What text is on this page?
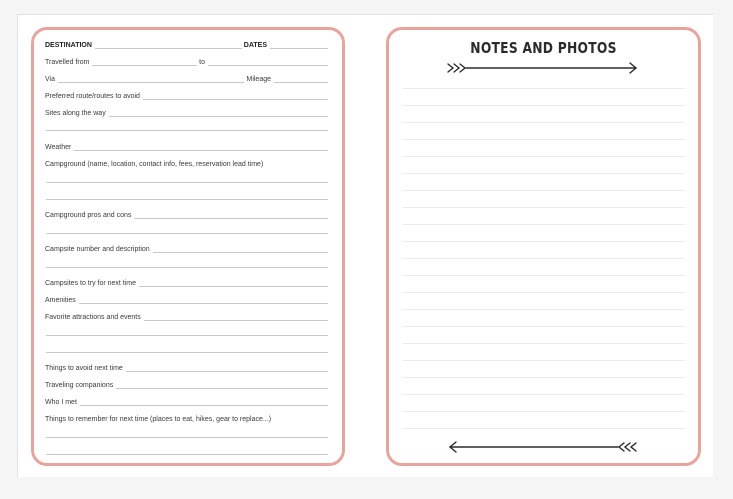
DESTINATION	DATES
Travelled from	to
Via	Mileage
Preferred route/routes to avoid
Sites along the way
Weather
Campground (name, location, contact info, fees, reservation lead time)
Campground pros and cons
Campsite number and description
Campsites to try for next time
Amenities
Favorite attractions and events
Things to avoid next time
Traveling companions
Who I met
Things to remember for next time (places to eat, hikes, gear to replace...)
NOTES AND PHOTOS
